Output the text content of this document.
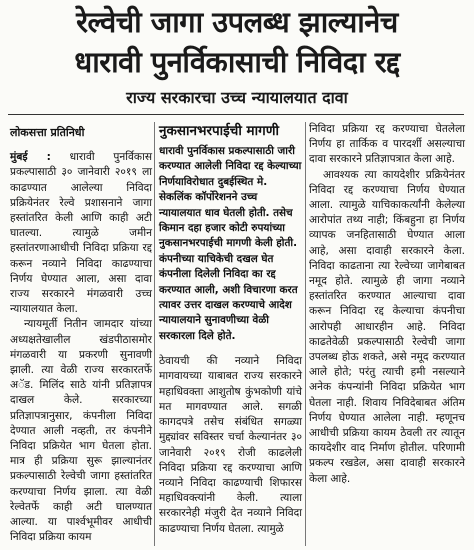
रेल्वेची जागा उपलब्ध झाल्यानेच
धारावी पुनर्विकासाची निविदा रद्द
राज्य सरकारचा उच्च न्यायालयात दावा
लोकसत्ता प्रतिनिधी

मुंबई : धारावी पुनर्विकास प्रकल्पासाठी ३० जानेवारी २०१९ ला काढण्यात आलेल्या निविदा प्रक्रियेनंतर रेल्वे प्रशासनाने जागा हस्तांतरित केली आणि काही अटी घातल्या. त्यामुळे जमीन हस्तांतरणाआधीची निविदा प्रक्रिया रद्द करून नव्याने निविदा काढण्याचा निर्णय घेण्यात आला, असा दावा राज्य सरकारने मंगळवारी उच्च न्यायालयात केला.

न्यायमूर्ती नितीन जामदार यांच्या अध्यक्षतेखालील खंडपीठासमोर मंगळवारी या प्रकरणी सुनावणी झाली. त्या वेळी राज्य सरकारतर्फे अॅड. मिलिंद साठे यांनी प्रतिज्ञापत्र दाखल केले. सरकारच्या प्रतिज्ञापत्रानुसार, कंपनीला निविदा देण्यात आली नव्हती, तर कंपनीने निविदा प्रक्रियेत भाग घेतला होता. मात्र ही प्रक्रिया सुरू झाल्यानंतर प्रकल्पासाठी रेल्वेची जागा हस्तांतरित करण्याचा निर्णय झाला. त्या वेळी रेल्वेतर्फे काही अटी घालण्यात आल्या. या पार्श्वभूमीवर आधीची निविदा प्रक्रिया कायम

नुकसानभरपाईची मागणी
धारावी पुनर्विकास प्रकल्पासाठी जारी करण्यात आलेली निविदा रद्द केल्याच्या निर्णयाविरोधात दुबईस्थित मे. सेकलिंक कॉर्पोरेशनने उच्च न्यायालयात धाव घेतली होती. तसेच किमान दहा हजार कोटी रुपयांच्या नुकसानभरपाईची मागणी केली होती. कंपनीच्या याचिकेची दखल घेत कंपनीला दिलेली निविदा का रद्द करण्यात आली, अशी विचारणा करत त्यावर उत्तर दाखल करण्याचे आदेश न्यायालयाने सुनावणीच्या वेळी सरकारला दिले होते.

ठेवायची की नव्याने निविदा मागवायच्या याबाबत राज्य सरकारने महाधिवक्ता आशुतोष कुंभकोणी यांचे मत मागवण्यात आले. सगळी कागदपत्रे तसेच संबंधित सगळ्या मुद्द्यांवर सविस्तर चर्चा केल्यानंतर ३० जानेवारी २०१९ रोजी काढलेली निविदा प्रक्रिया रद्द करण्याचा आणि नव्याने निविदा काढण्याची शिफारस महाधिवक्त्यांनी केली. त्याला सरकारनेही मंजुरी देत नव्याने निविदा काढण्याचा निर्णय घेतला. त्यामुळे

निविदा प्रक्रिया रद्द करण्याचा घेतलेला निर्णय हा तार्किक व पारदर्शी असल्याचा दावा सरकारने प्रतिज्ञापत्रात केला आहे.

आवश्यक त्या कायदेशीर प्रक्रियेनंतर निविदा रद्द करण्याचा निर्णय घेण्यात आला. त्यामुळे याचिकाकर्त्यांनी केलेल्या आरोपांत तथ्य नाही; किंबहुना हा निर्णय व्यापक जनहितासाठी घेण्यात आला आहे, असा दावाही सरकारने केला. निविदा काढताना त्या रेल्वेच्या जागेबाबत नमूद होते. त्यामुळे ही जागा नव्याने हस्तांतरित करण्यात आल्याचा दावा करून निविदा रद्द केल्याचा कंपनीचा आरोपही आधारहीन आहे. निविदा काढतेवेळी प्रकल्पासाठी रेल्वेची जागा उपलब्ध होऊ शकते, असे नमूद करण्यात आले होते; परंतु त्याची हमी नसल्याने अनेक कंपन्यांनी निविदा प्रक्रियेत भाग घेतला नाही. शिवाय निविदेबाबत अंतिम निर्णय घेण्यात आलेला नाही. म्हणूनच आधीची प्रक्रिया कायम ठेवली तर त्यातून कायदेशीर वाद निर्माण होतील. परिणामी प्रकल्प रखडेल, असा दावाही सरकारने केला आहे.
